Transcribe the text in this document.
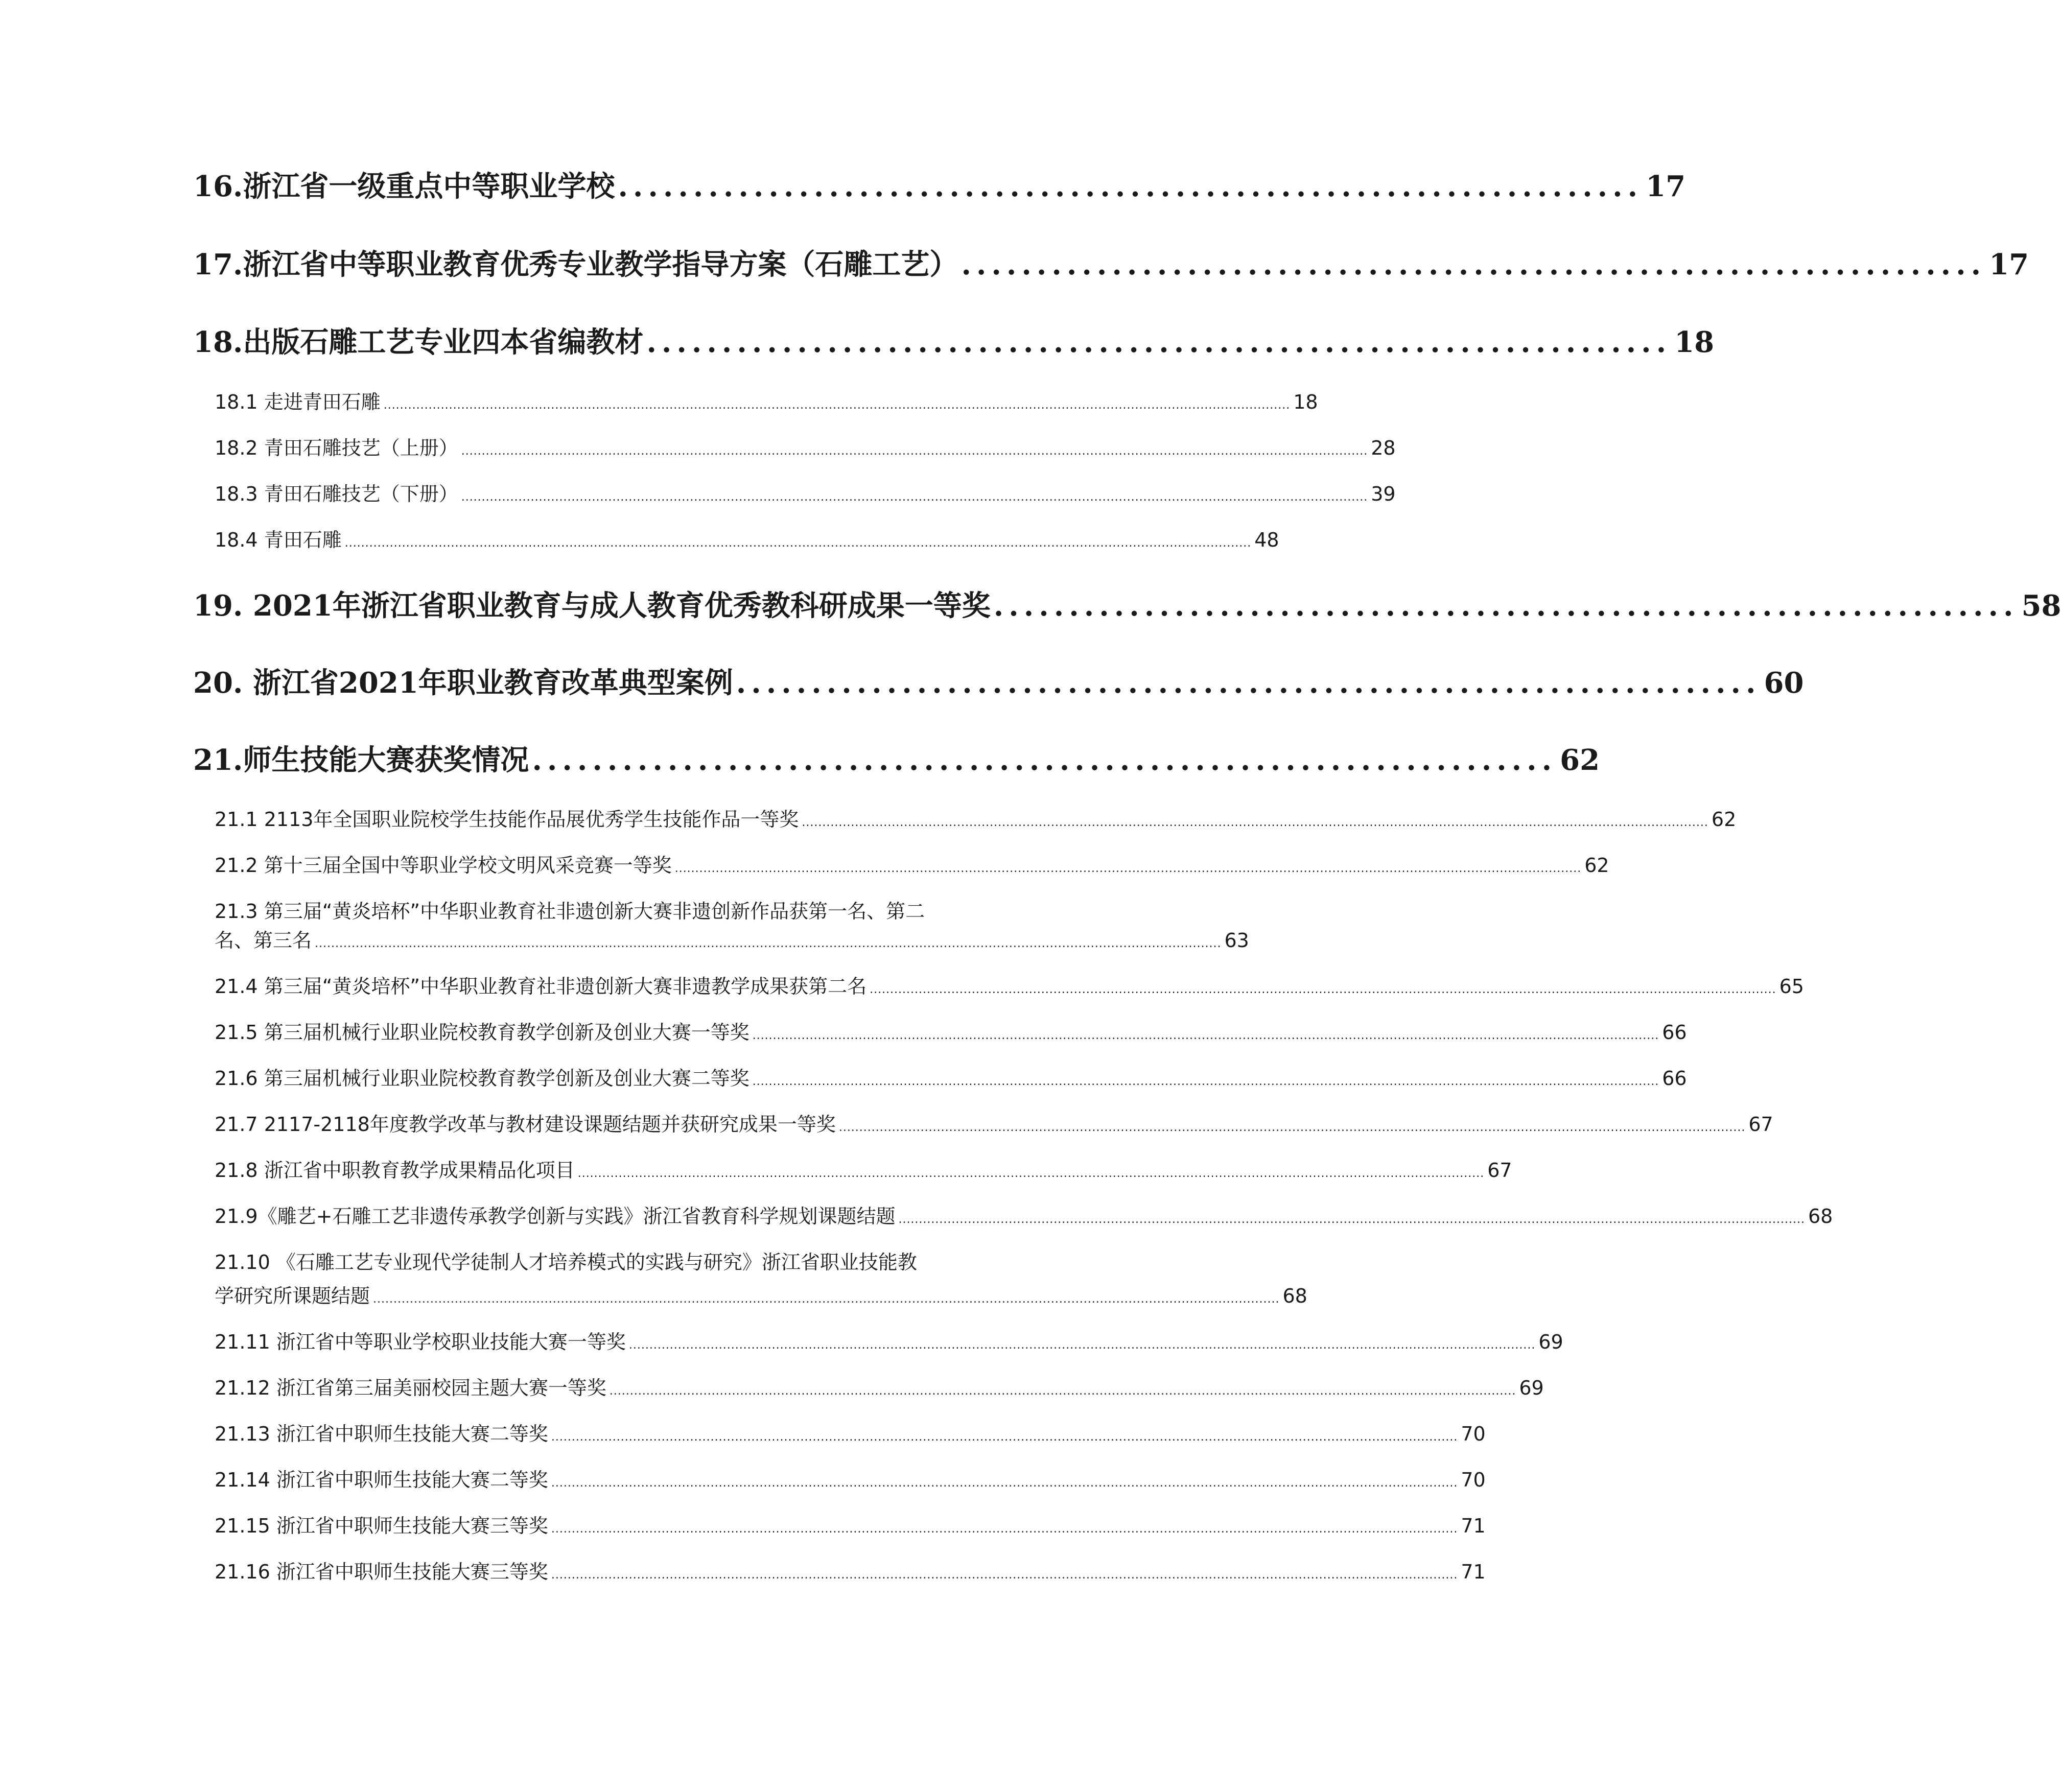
16.浙江省一级重点中等职业学校 .................................................................... 17
17.浙江省中等职业教育优秀专业教学指导方案（石雕工艺） .................................................................... 17
18.出版石雕工艺专业四本省编教材 .................................................................... 18
18.1 走进青田石雕 .............................................................................................................................................................................................................................. 18
18.2 青田石雕技艺（上册） .............................................................................................................................................................................................................................. 28
18.3 青田石雕技艺（下册） .............................................................................................................................................................................................................................. 39
18.4 青田石雕 .............................................................................................................................................................................................................................. 48
19. 2021年浙江省职业教育与成人教育优秀教科研成果一等奖 .................................................................... 58
20. 浙江省2021年职业教育改革典型案例 .................................................................... 60
21.师生技能大赛获奖情况 .................................................................... 62
21.1 2113年全国职业院校学生技能作品展优秀学生技能作品一等奖 .............................................................................................................................................................................................................................. 62
21.2 第十三届全国中等职业学校文明风采竞赛一等奖 .............................................................................................................................................................................................................................. 62
21.3 第三届“黄炎培杯”中华职业教育社非遗创新大赛非遗创新作品获第一名、第二
名、第三名 .............................................................................................................................................................................................................................. 63
21.4 第三届“黄炎培杯”中华职业教育社非遗创新大赛非遗教学成果获第二名 .............................................................................................................................................................................................................................. 65
21.5 第三届机械行业职业院校教育教学创新及创业大赛一等奖 .............................................................................................................................................................................................................................. 66
21.6 第三届机械行业职业院校教育教学创新及创业大赛二等奖 .............................................................................................................................................................................................................................. 66
21.7 2117-2118年度教学改革与教材建设课题结题并获研究成果一等奖 .............................................................................................................................................................................................................................. 67
21.8 浙江省中职教育教学成果精品化项目 .............................................................................................................................................................................................................................. 67
21.9《雕艺+石雕工艺非遗传承教学创新与实践》浙江省教育科学规划课题结题 .............................................................................................................................................................................................................................. 68
21.10 《石雕工艺专业现代学徒制人才培养模式的实践与研究》浙江省职业技能教
学研究所课题结题 .............................................................................................................................................................................................................................. 68
21.11 浙江省中等职业学校职业技能大赛一等奖 .............................................................................................................................................................................................................................. 69
21.12 浙江省第三届美丽校园主题大赛一等奖 .............................................................................................................................................................................................................................. 69
21.13 浙江省中职师生技能大赛二等奖 .............................................................................................................................................................................................................................. 70
21.14 浙江省中职师生技能大赛二等奖 .............................................................................................................................................................................................................................. 70
21.15 浙江省中职师生技能大赛三等奖 .............................................................................................................................................................................................................................. 71
21.16 浙江省中职师生技能大赛三等奖 .............................................................................................................................................................................................................................. 71
